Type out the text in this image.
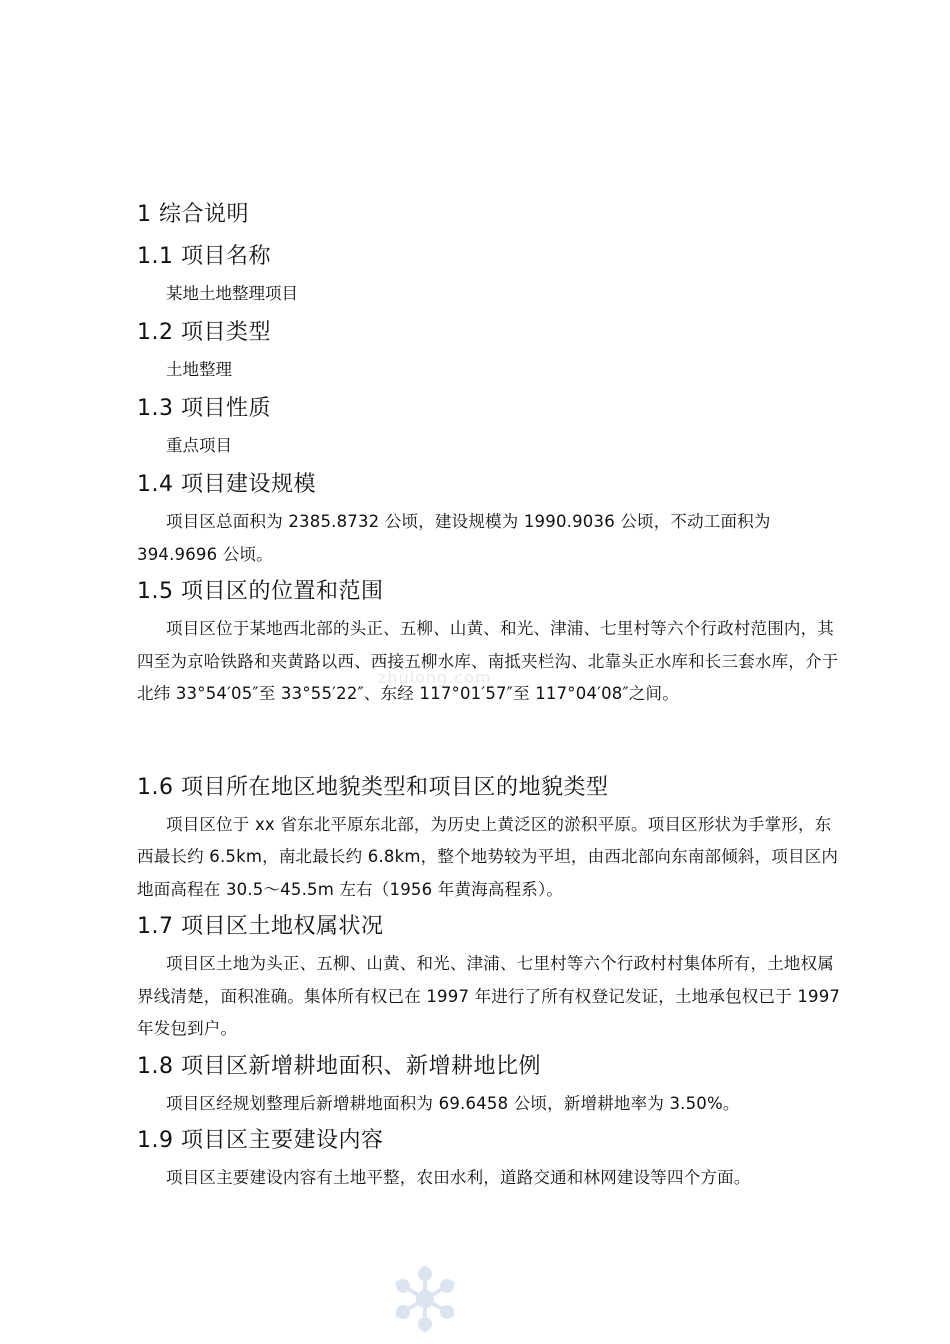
zhulong.com
1 综合说明
1.1 项目名称
某地土地整理项目
1.2 项目类型
土地整理
1.3 项目性质
重点项目
1.4 项目建设规模
项目区总面积为 2385.8732 公顷，建设规模为 1990.9036 公顷，不动工面积为 394.9696 公顷。
1.5 项目区的位置和范围
项目区位于某地西北部的头正、五柳、山黄、和光、津浦、七里村等六个行政村范围内，其四至为京哈铁路和夹黄路以西、西接五柳水库、南抵夹栏沟、北靠头正水库和长三套水库，介于北纬 33°54′05″至 33°55′22″、东经 117°01′57″至 117°04′08″之间。
1.6 项目所在地区地貌类型和项目区的地貌类型
项目区位于 xx 省东北平原东北部，为历史上黄泛区的淤积平原。项目区形状为手掌形，东西最长约 6.5km，南北最长约 6.8km，整个地势较为平坦，由西北部向东南部倾斜，项目区内地面高程在 30.5～45.5m 左右（1956 年黄海高程系）。
1.7 项目区土地权属状况
项目区土地为头正、五柳、山黄、和光、津浦、七里村等六个行政村村集体所有，土地权属界线清楚，面积准确。集体所有权已在 1997 年进行了所有权登记发证，土地承包权已于 1997 年发包到户。
1.8 项目区新增耕地面积、新增耕地比例
项目区经规划整理后新增耕地面积为 69.6458 公顷，新增耕地率为 3.50%。
1.9 项目区主要建设内容
项目区主要建设内容有土地平整，农田水利，道路交通和林网建设等四个方面。
